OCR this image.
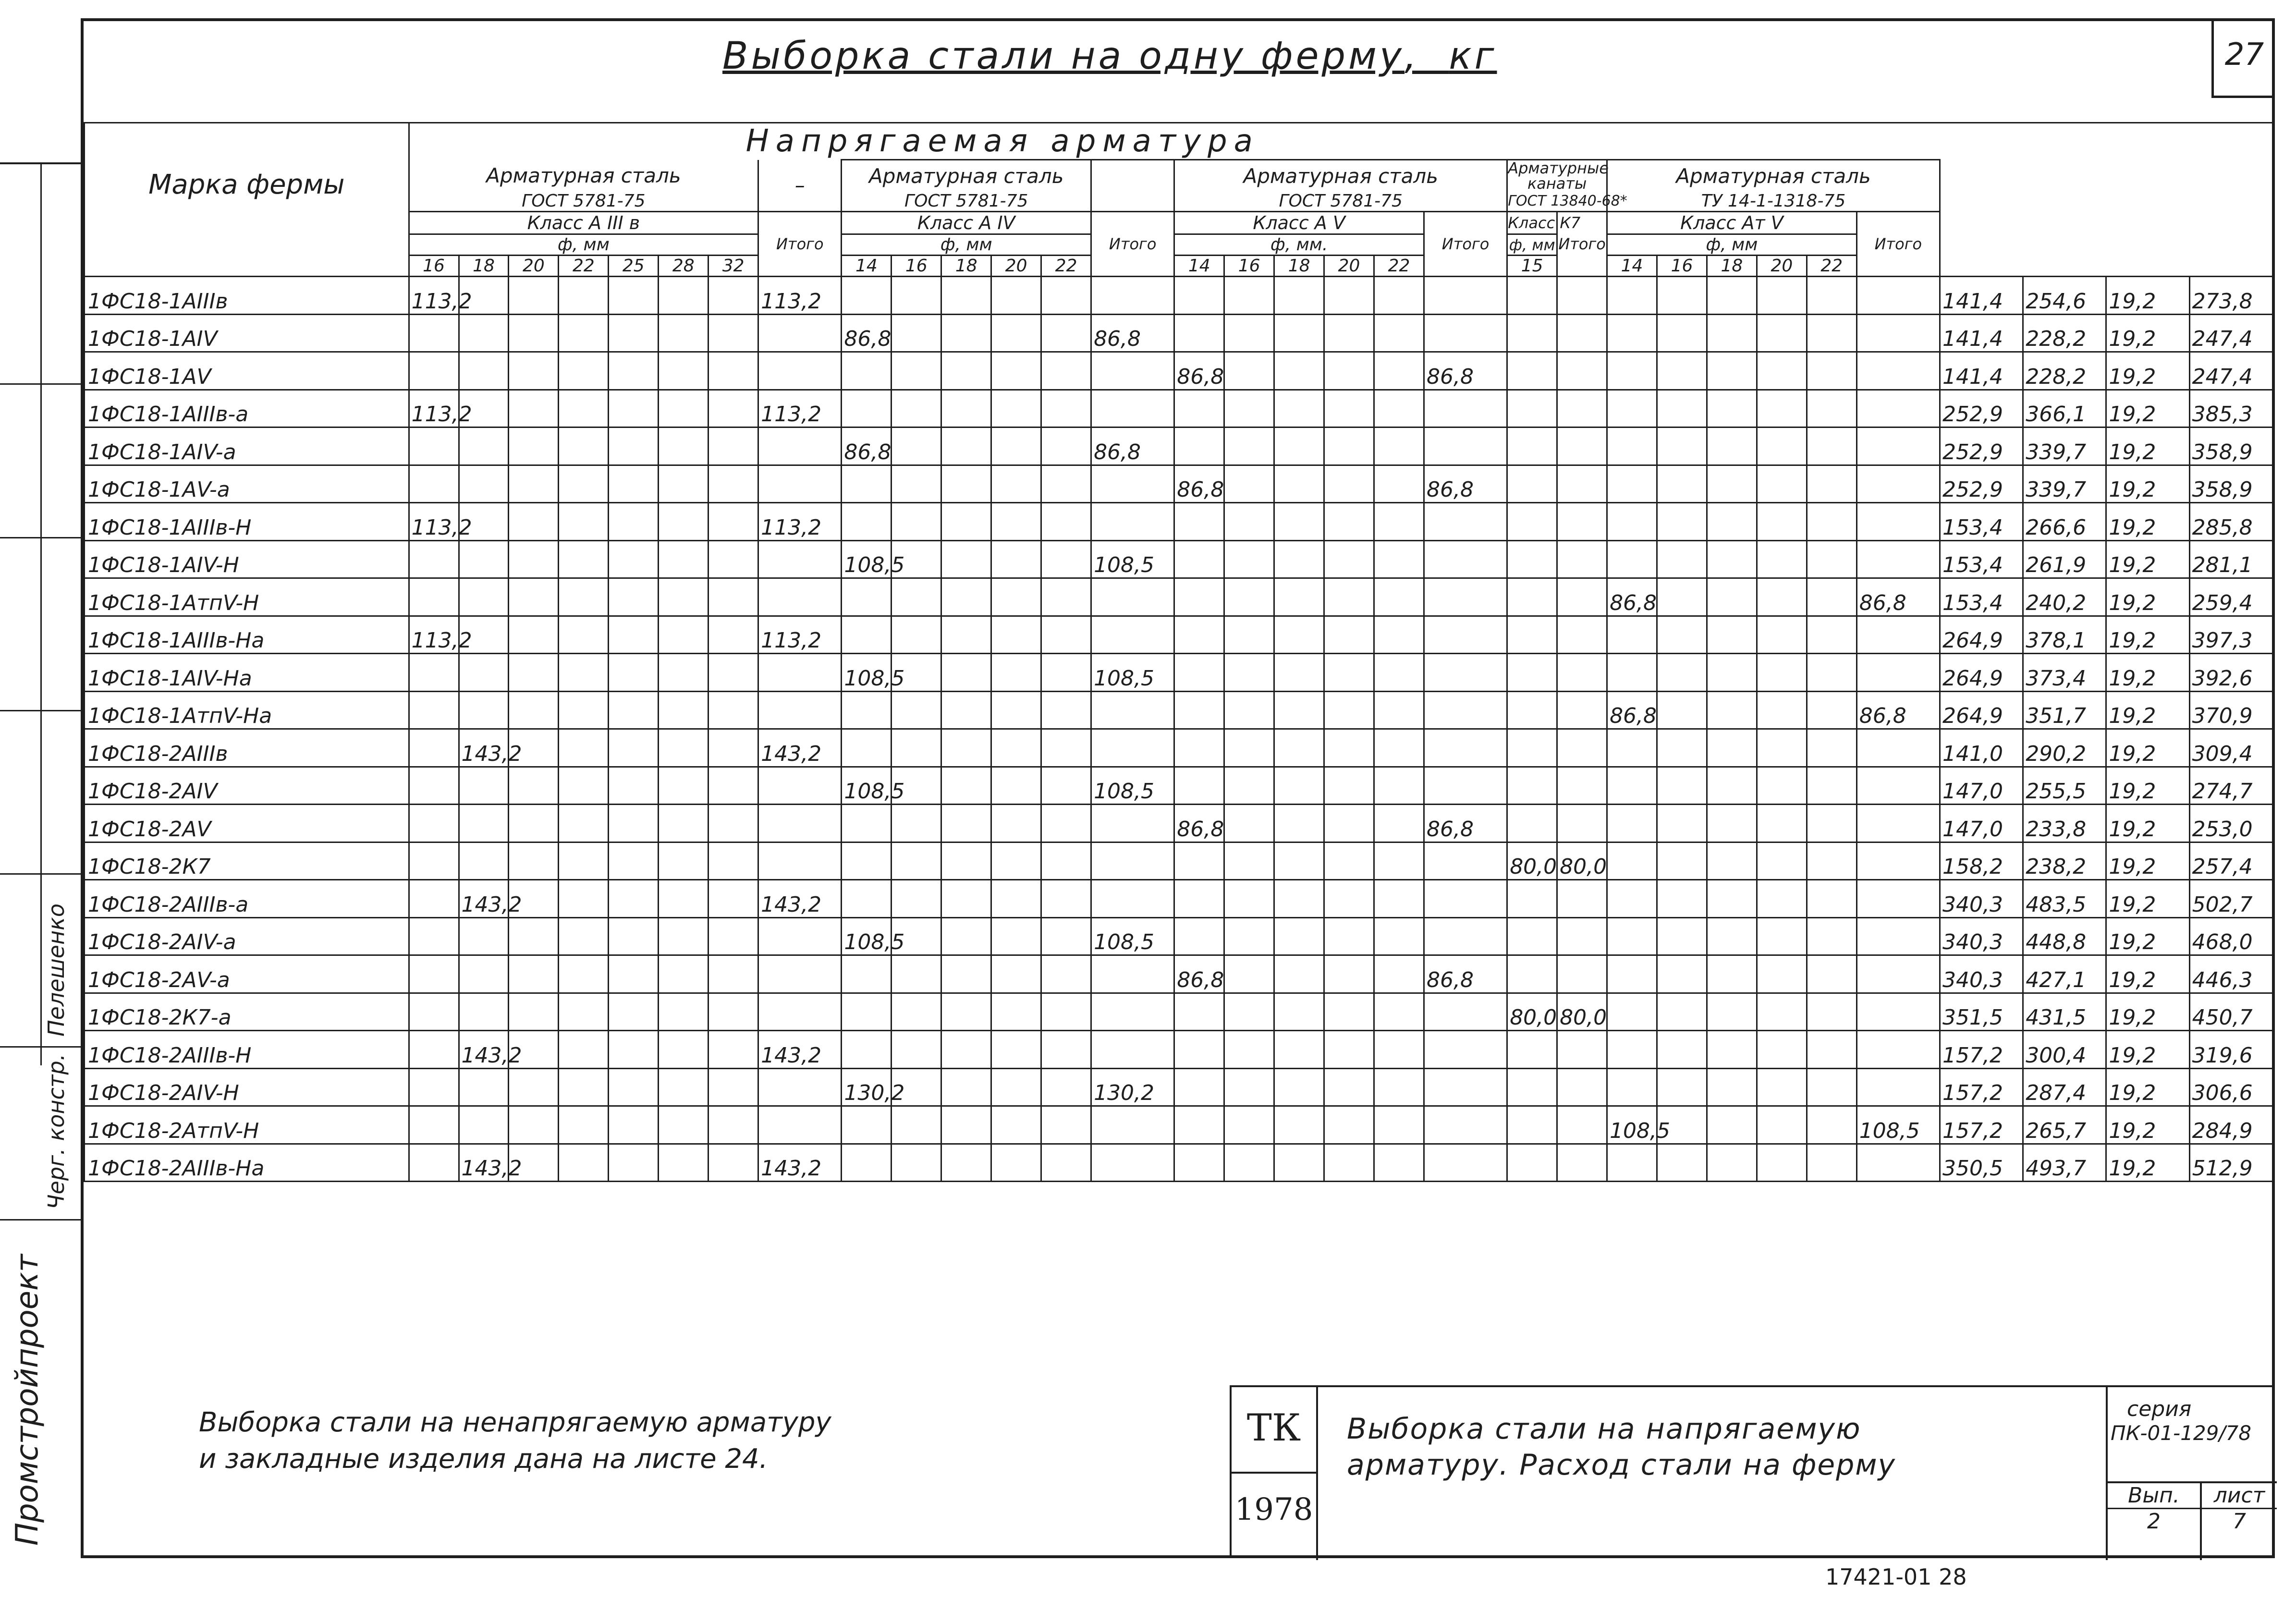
Промстройпроект
Черг. констр.
Пелешенко
Выборка стали на одну ферму,  кг	27
Марка фермы	Напрягаемая арматура				
	Арматурная сталь							–	Арматурная сталь						Арматурная сталь						Арматурные канаты		Арматурная сталь										
	ГОСТ 5781-75								ГОСТ 5781-75						ГОСТ 5781-75						ГОСТ 13840-68*		ТУ 14-1-1318-75										
	Класс А ІІІ в							Итого	Класс А IV					Итого	Класс А V					Итого	Класс К7	Итого	Класс Ат V					Итого					
	ф, мм								ф, мм						ф, мм.						ф, мм		ф, мм										
	16	18	20	22	25	28	32		14	16	18	20	22		14	16	18	20	22		15		14	16	18	20	22						
1ФС18-1АIIIв	113,2							113,2																					141,4	254,6	19,2	273,8	
1ФС18-1АIV									86,8					86,8															141,4	228,2	19,2	247,4	
1ФС18-1АV															86,8					86,8									141,4	228,2	19,2	247,4	
1ФС18-1АIIIв-а	113,2							113,2																					252,9	366,1	19,2	385,3	
1ФС18-1АIV-а									86,8					86,8															252,9	339,7	19,2	358,9	
1ФС18-1АV-а															86,8					86,8									252,9	339,7	19,2	358,9	
1ФС18-1АIIIв-Н	113,2							113,2																					153,4	266,6	19,2	285,8	
1ФС18-1АIV-Н									108,5					108,5															153,4	261,9	19,2	281,1	
1ФС18-1АтпV-Н																							86,8					86,8	153,4	240,2	19,2	259,4	
1ФС18-1АIIIв-На	113,2							113,2																					264,9	378,1	19,2	397,3	
1ФС18-1АIV-На									108,5					108,5															264,9	373,4	19,2	392,6	
1ФС18-1АтпV-На																							86,8					86,8	264,9	351,7	19,2	370,9	
1ФС18-2АIIIв		143,2						143,2																					141,0	290,2	19,2	309,4	
1ФС18-2АIV									108,5					108,5															147,0	255,5	19,2	274,7	
1ФС18-2АV															86,8					86,8									147,0	233,8	19,2	253,0	
1ФС18-2К7																					80,0	80,0							158,2	238,2	19,2	257,4	
1ФС18-2АIIIв-а		143,2						143,2																					340,3	483,5	19,2	502,7	
1ФС18-2АIV-а									108,5					108,5															340,3	448,8	19,2	468,0	
1ФС18-2АV-а															86,8					86,8									340,3	427,1	19,2	446,3	
1ФС18-2К7-а																					80,0	80,0							351,5	431,5	19,2	450,7	
1ФС18-2АIIIв-Н		143,2						143,2																					157,2	300,4	19,2	319,6	
1ФС18-2АIV-Н									130,2					130,2															157,2	287,4	19,2	306,6	
1ФС18-2АтпV-Н																							108,5					108,5	157,2	265,7	19,2	284,9	
1ФС18-2АIIIв-На		143,2						143,2																					350,5	493,7	19,2	512,9	
Выборка стали на ненапрягаемую арматуру
и закладные изделия дана на листе 24.
ТК
1978
Выборка стали на напрягаемую
арматуру. Расход стали на ферму
серия
ПК-01-129/78
Вып.
2
лист
7
17421-01 28
